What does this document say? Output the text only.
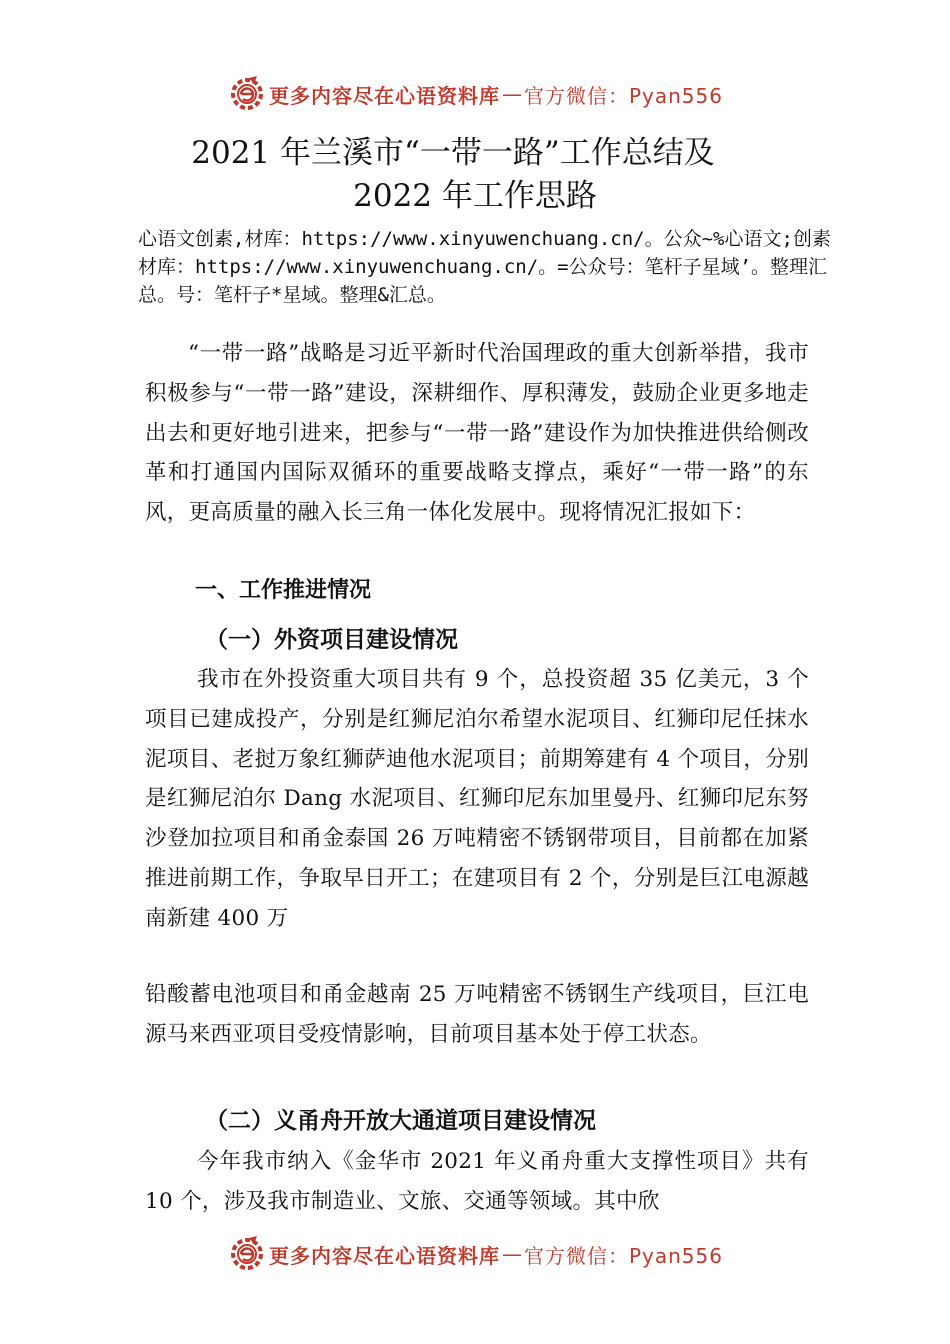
更多内容尽在心语资料库 — 官方微信：Pyan556
2021 年兰溪市“一带一路”工作总结及
2022 年工作思路
心语文创素,材库：https://www.xinyuwenchuang.cn/。公众~%心语文;创素材库：https://www.xinyuwenchuang.cn/。=公众号：笔杆子星域’。整理汇总。号：笔杆子*星域。整理&汇总。
“一带一路”战略是习近平新时代治国理政的重大创新举措，我市积极参与“一带一路”建设，深耕细作、厚积薄发，鼓励企业更多地走出去和更好地引进来，把参与“一带一路”建设作为加快推进供给侧改革和打通国内国际双循环的重要战略支撑点，乘好“一带一路”的东风，更高质量的融入长三角一体化发展中。现将情况汇报如下：
一、工作推进情况
（一）外资项目建设情况
我市在外投资重大项目共有 9 个，总投资超 35 亿美元，3 个项目已建成投产，分别是红狮尼泊尔希望水泥项目、红狮印尼任抹水泥项目、老挝万象红狮萨迪他水泥项目；前期筹建有 4 个项目，分别是红狮尼泊尔 Dang 水泥项目、红狮印尼东加里曼丹、红狮印尼东努沙登加拉项目和甬金泰国 26 万吨精密不锈钢带项目，目前都在加紧推进前期工作，争取早日开工；在建项目有 2 个，分别是巨江电源越南新建 400 万
铅酸蓄电池项目和甬金越南 25 万吨精密不锈钢生产线项目，巨江电源马来西亚项目受疫情影响，目前项目基本处于停工状态。
（二）义甬舟开放大通道项目建设情况
今年我市纳入《金华市 2021 年义甬舟重大支撑性项目》共有 10 个，涉及我市制造业、文旅、交通等领域。其中欣
更多内容尽在心语资料库 — 官方微信：Pyan556
